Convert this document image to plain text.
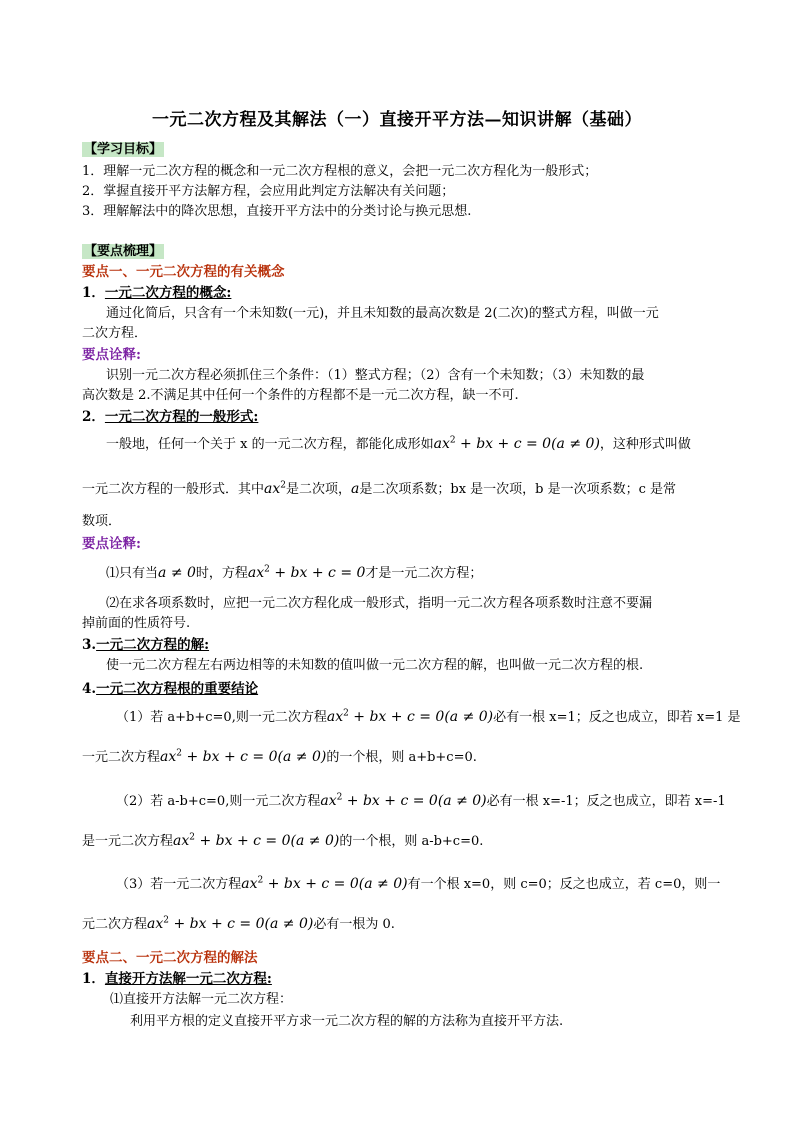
一元二次方程及其解法（一）直接开平方法—知识讲解（基础）
【学习目标】
1．理解一元二次方程的概念和一元二次方程根的意义，会把一元二次方程化为一般形式；
2．掌握直接开平方法解方程，会应用此判定方法解决有关问题；
3．理解解法中的降次思想，直接开平方法中的分类讨论与换元思想.
【要点梳理】
要点一、一元二次方程的有关概念
1．一元二次方程的概念:
通过化简后，只含有一个未知数(一元)，并且未知数的最高次数是 2(二次)的整式方程，叫做一元
二次方程．
要点诠释:
识别一元二次方程必须抓住三个条件：（1）整式方程；（2）含有一个未知数；（3）未知数的最
高次数是 2.不满足其中任何一个条件的方程都不是一元二次方程，缺一不可.
2．一元二次方程的一般形式:
一般地，任何一个关于 x 的一元二次方程，都能化成形如$ax^2$ + bx + c = 0(a ≠ 0)，这种形式叫做
一元二次方程的一般形式．其中$ax^2$是二次项，a是二次项系数；bx 是一次项，b 是一次项系数；c 是常
数项．
要点诠释:
⑴只有当a ≠ 0时，方程$ax^2$ + bx + c = 0才是一元二次方程；
⑵在求各项系数时，应把一元二次方程化成一般形式，指明一元二次方程各项系数时注意不要漏
掉前面的性质符号.
3.一元二次方程的解:
使一元二次方程左右两边相等的未知数的值叫做一元二次方程的解，也叫做一元二次方程的根.
4.一元二次方程根的重要结论
（1）若 a+b+c=0,则一元二次方程$ax^2$ + bx + c = 0(a ≠ 0)必有一根 x=1；反之也成立，即若 x=1 是
一元二次方程$ax^2$ + bx + c = 0(a ≠ 0)的一个根，则 a+b+c=0.
（2）若 a-b+c=0,则一元二次方程$ax^2$ + bx + c = 0(a ≠ 0)必有一根 x=-1；反之也成立，即若 x=-1
是一元二次方程$ax^2$ + bx + c = 0(a ≠ 0)的一个根，则 a-b+c=0.
（3）若一元二次方程$ax^2$ + bx + c = 0(a ≠ 0)有一个根 x=0，则 c=0；反之也成立，若 c=0，则一
元二次方程$ax^2$ + bx + c = 0(a ≠ 0)必有一根为 0.
要点二、一元二次方程的解法
1．直接开方法解一元二次方程:
⑴直接开方法解一元二次方程：
利用平方根的定义直接开平方求一元二次方程的解的方法称为直接开平方法.
